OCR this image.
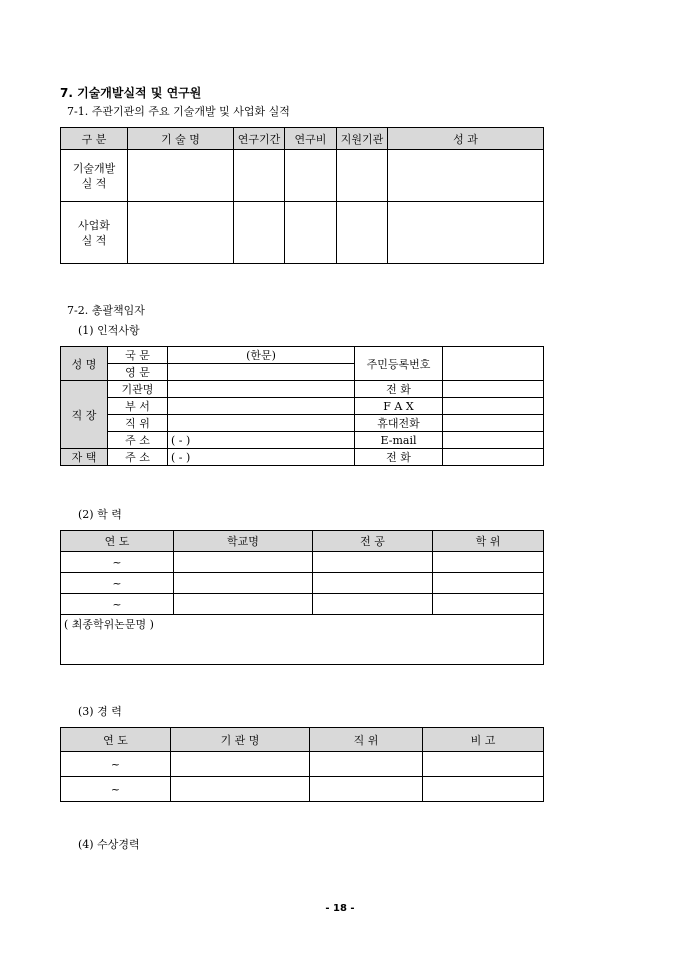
7. 기술개발실적 및 연구원
7-1. 주관기관의 주요 기술개발 및 사업화 실적
구 분	기 술 명	연구기간	연구비	지원기관	성 과

기술개발
실 적					

사업화
실 적					

7-2. 총괄책임자
(1) 인적사항
성 명	국 문	(한문)	주민등록번호	
	영 문			
직 장	기관명		전 화	
	부 서		F A X	
	직 위		휴대전화	
	주 소	( - )	E-mail	
자 택	주 소	( - )	전 화	
(2) 학 력
연 도	학교명	전 공	학 위
~			
~			
~			
( 최종학위논문명 )			
(3) 경 력
연 도	기 관 명	직 위	비 고
~			
~			
(4) 수상경력
- 18 -
